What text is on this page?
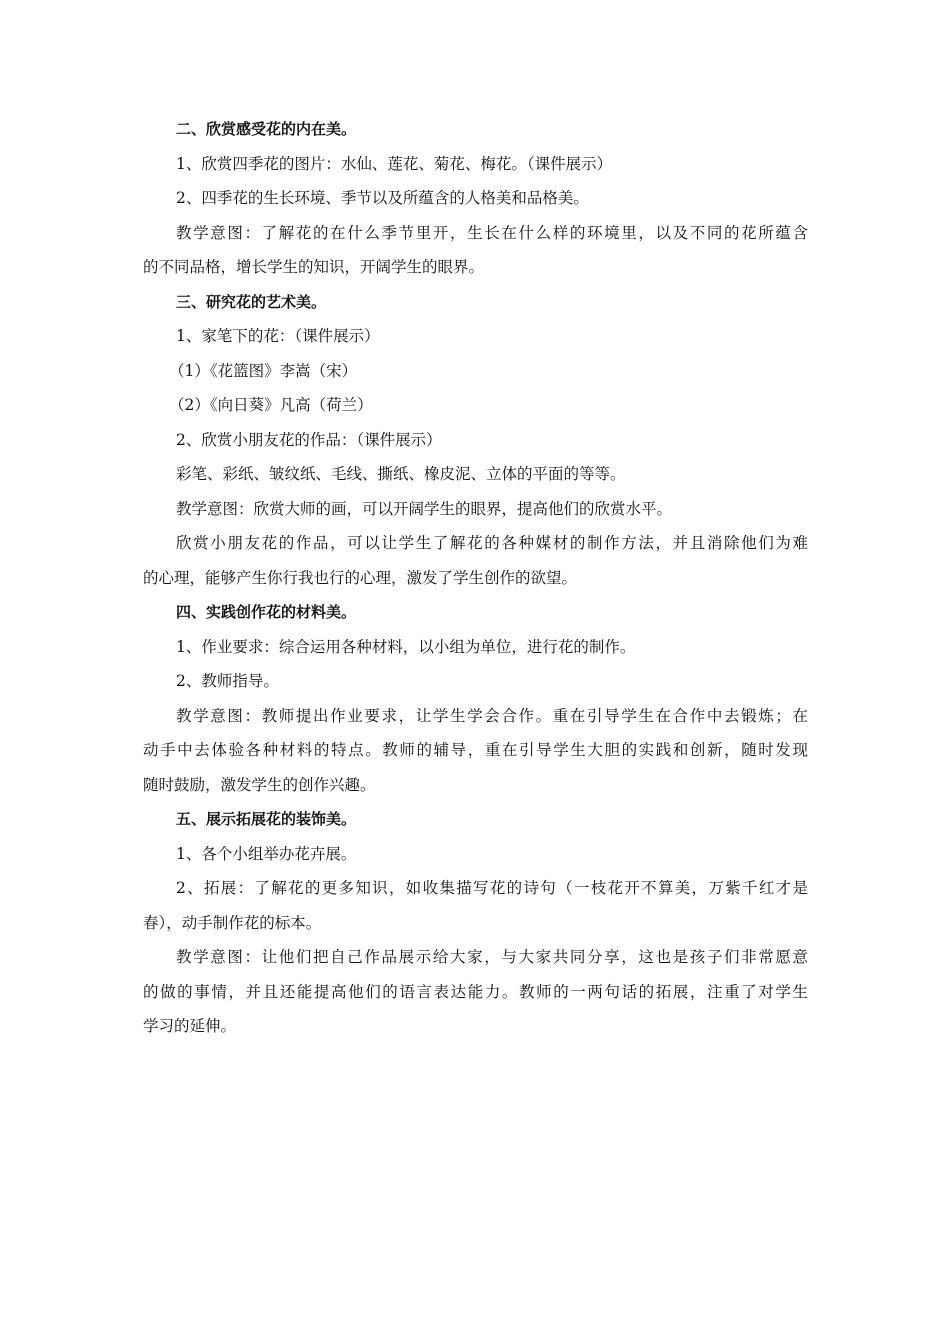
二、欣赏感受花的内在美。
1、欣赏四季花的图片：水仙、莲花、菊花、梅花。（课件展示）
2、四季花的生长环境、季节以及所蕴含的人格美和品格美。
教学意图：了解花的在什么季节里开，生长在什么样的环境里，以及不同的花所蕴含
的不同品格，增长学生的知识，开阔学生的眼界。
三、研究花的艺术美。
1、家笔下的花：（课件展示）
（1）《花篮图》李嵩（宋）
（2）《向日葵》凡高（荷兰）
2、欣赏小朋友花的作品：（课件展示）
彩笔、彩纸、皱纹纸、毛线、撕纸、橡皮泥、立体的平面的等等。
教学意图：欣赏大师的画，可以开阔学生的眼界，提高他们的欣赏水平。
欣赏小朋友花的作品，可以让学生了解花的各种媒材的制作方法，并且消除他们为难
的心理，能够产生你行我也行的心理，激发了学生创作的欲望。
四、实践创作花的材料美。
1、作业要求：综合运用各种材料，以小组为单位，进行花的制作。
2、教师指导。
教学意图：教师提出作业要求，让学生学会合作。重在引导学生在合作中去锻炼；在
动手中去体验各种材料的特点。教师的辅导，重在引导学生大胆的实践和创新，随时发现
随时鼓励，激发学生的创作兴趣。
五、展示拓展花的装饰美。
1、各个小组举办花卉展。
2、拓展：了解花的更多知识，如收集描写花的诗句（一枝花开不算美，万紫千红才是
春），动手制作花的标本。
教学意图：让他们把自己作品展示给大家，与大家共同分享，这也是孩子们非常愿意
的做的事情，并且还能提高他们的语言表达能力。教师的一两句话的拓展，注重了对学生
学习的延伸。
